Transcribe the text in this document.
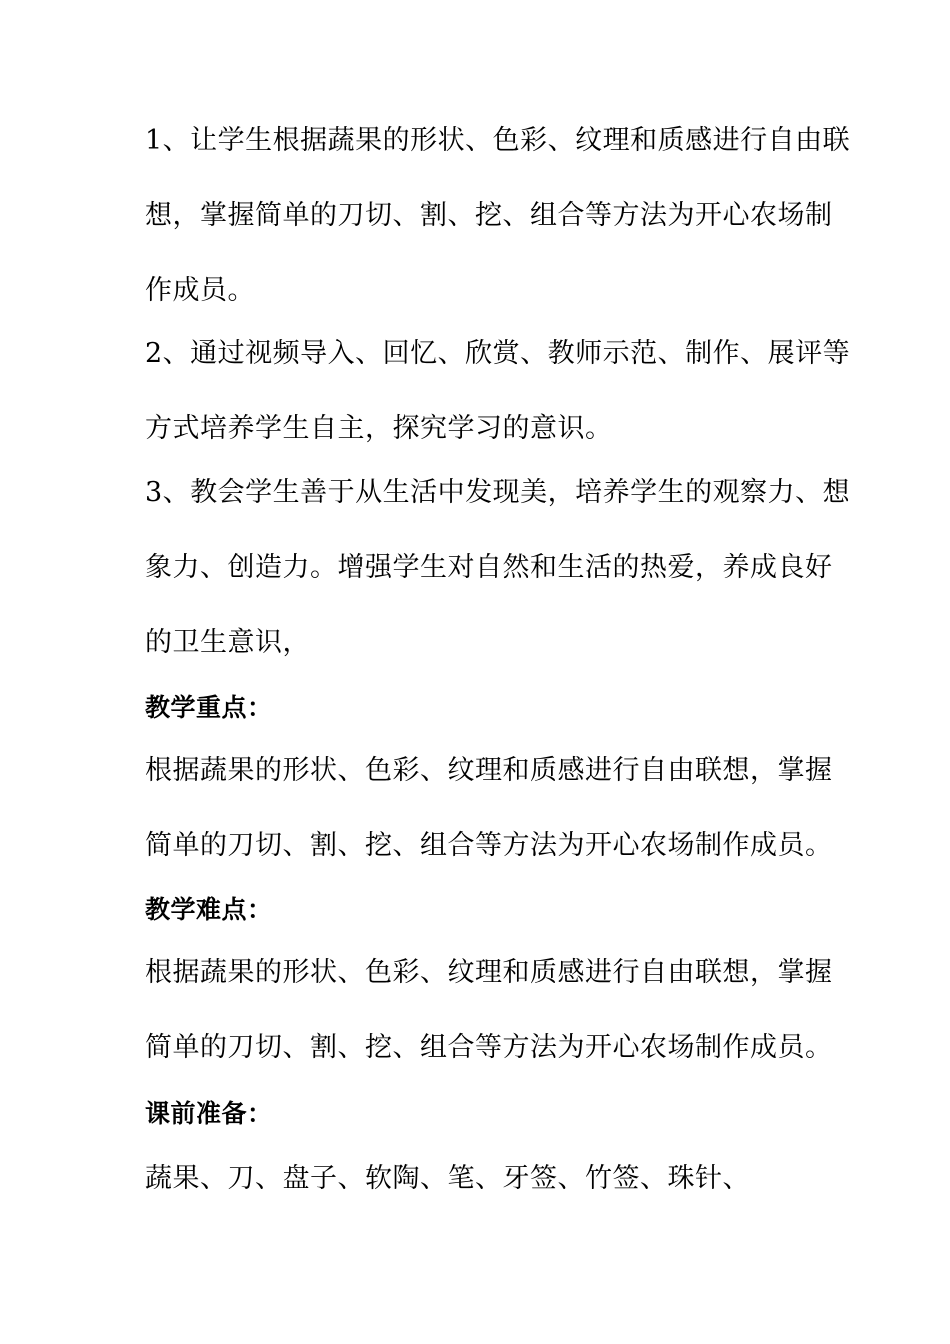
1、让学生根据蔬果的形状、色彩、纹理和质感进行自由联
想，掌握简单的刀切、割、挖、组合等方法为开心农场制
作成员。
2、通过视频导入、回忆、欣赏、教师示范、制作、展评等
方式培养学生自主，探究学习的意识。
3、教会学生善于从生活中发现美，培养学生的观察力、想
象力、创造力。增强学生对自然和生活的热爱，养成良好
的卫生意识，
教学重点：
根据蔬果的形状、色彩、纹理和质感进行自由联想，掌握
简单的刀切、割、挖、组合等方法为开心农场制作成员。
教学难点：
根据蔬果的形状、色彩、纹理和质感进行自由联想，掌握
简单的刀切、割、挖、组合等方法为开心农场制作成员。
课前准备：
蔬果、刀、盘子、软陶、笔、牙签、竹签、珠针、
